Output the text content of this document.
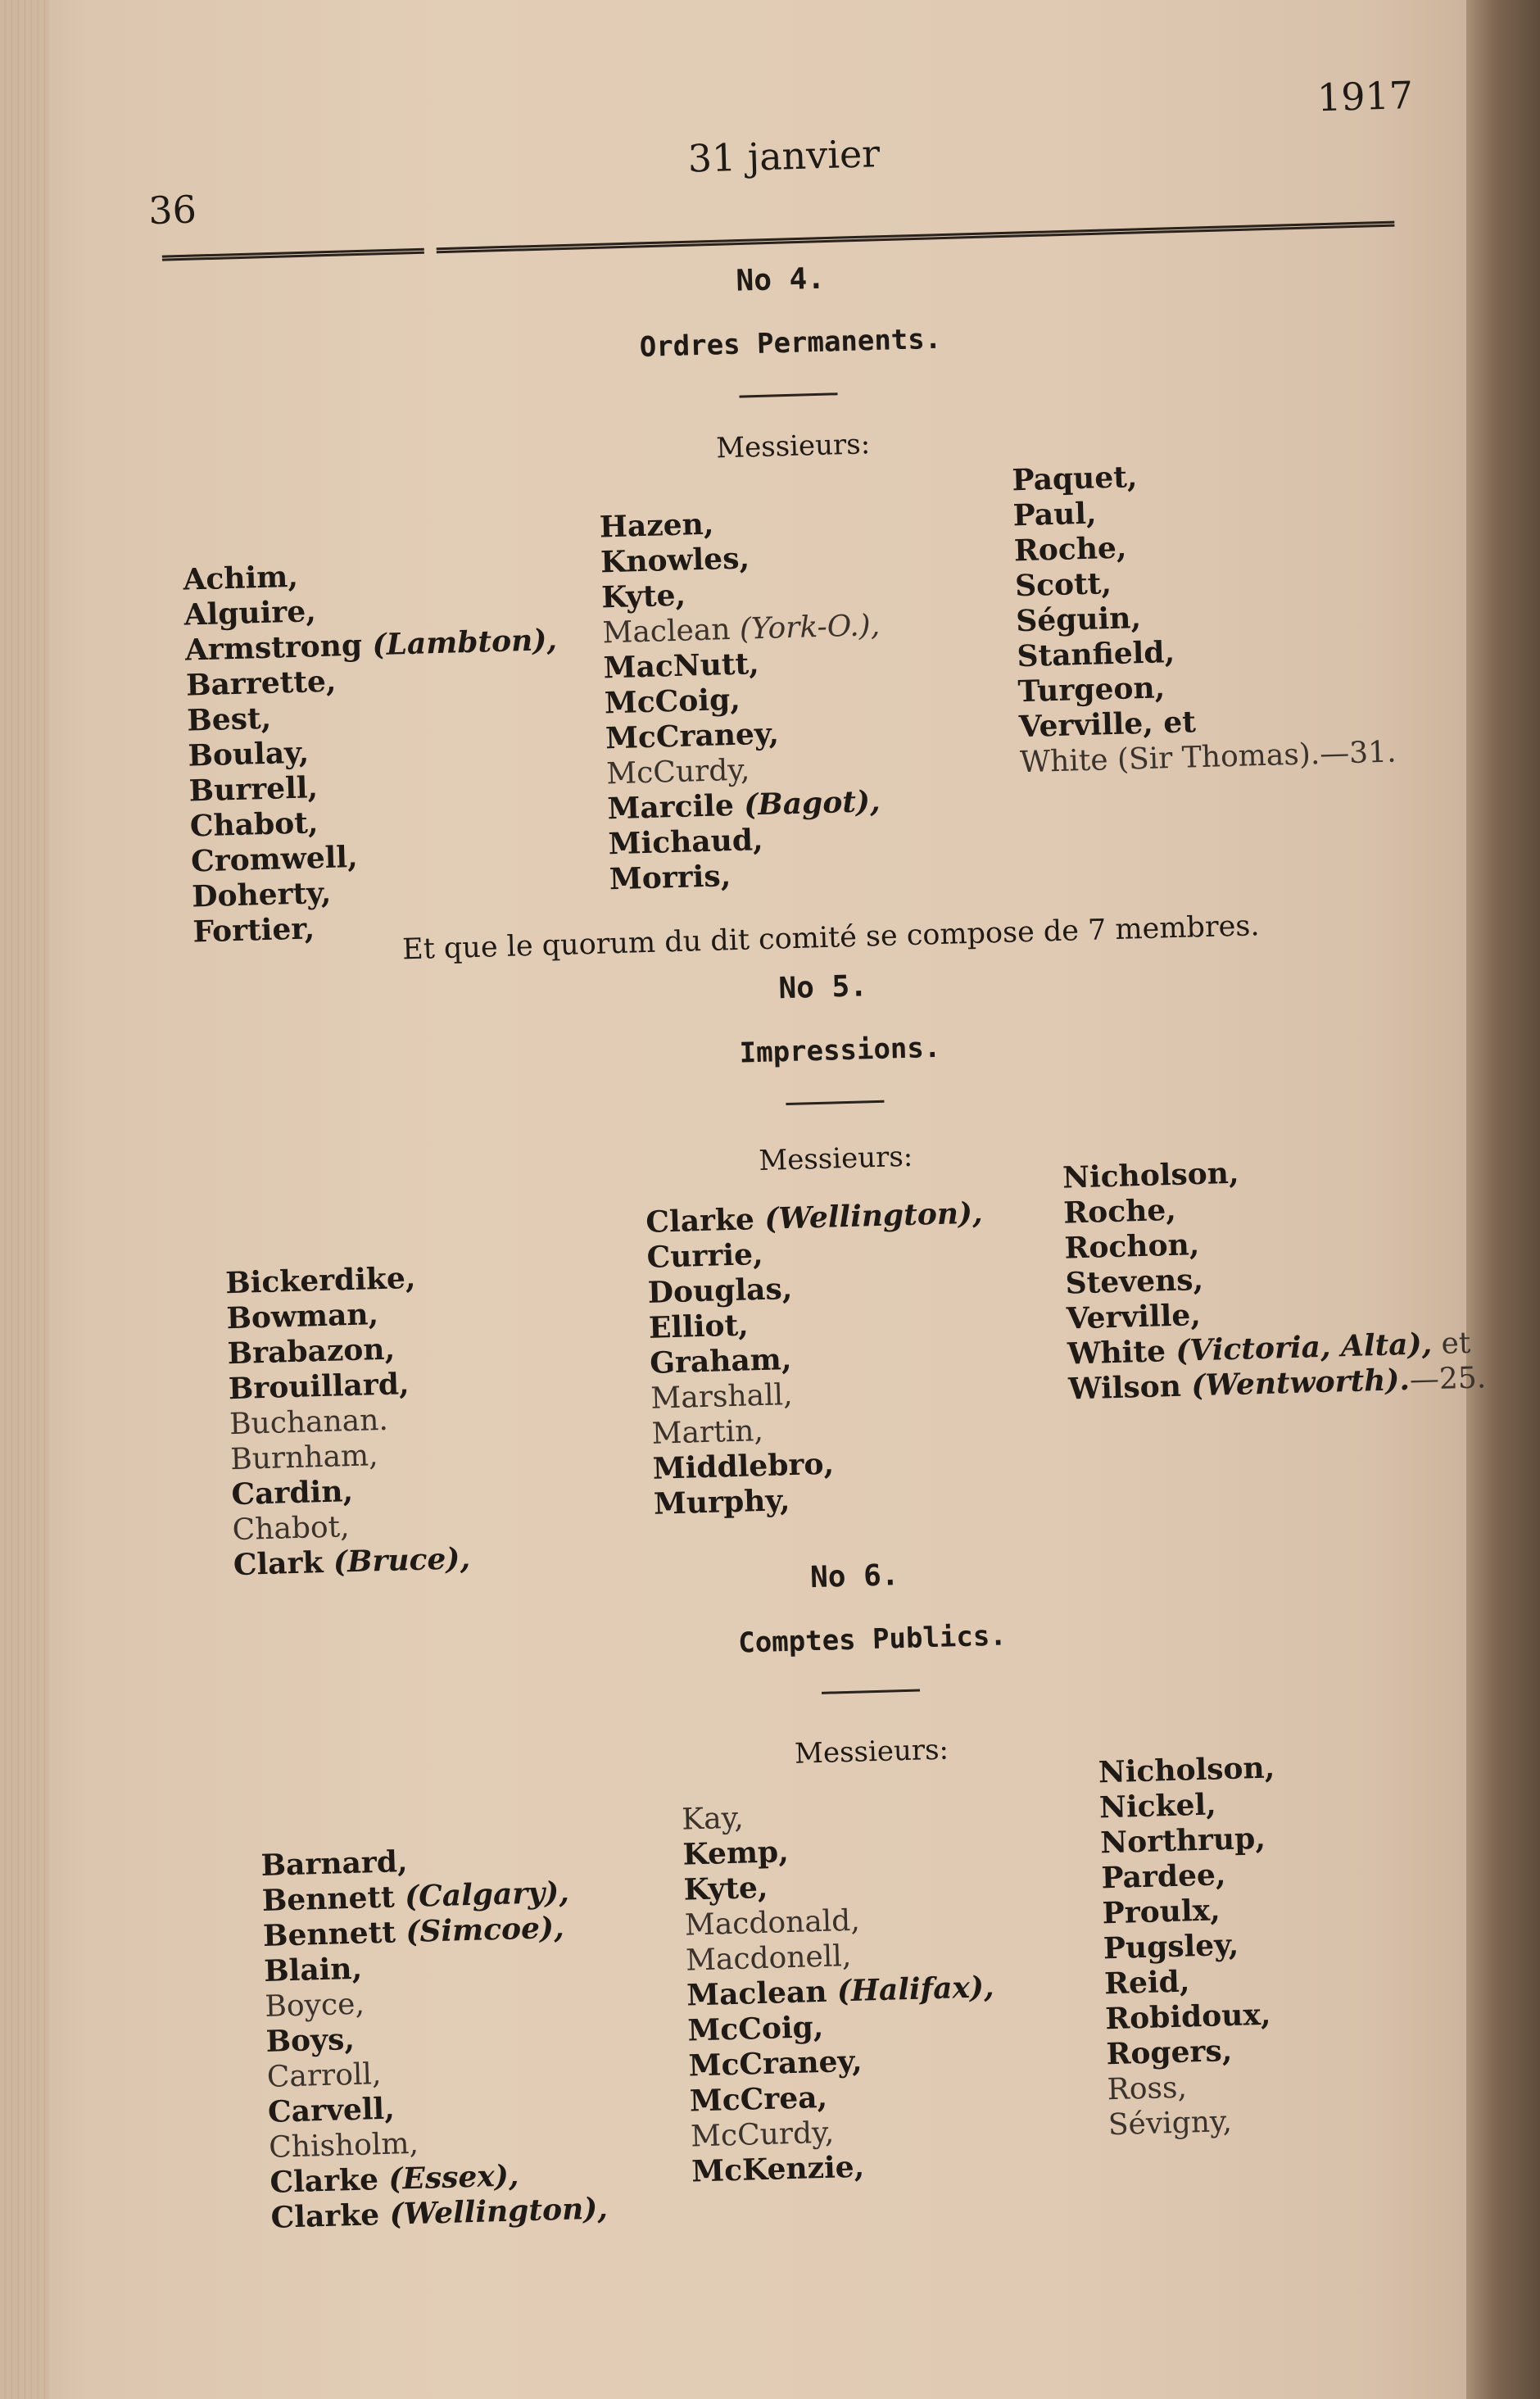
36
31 janvier
1917
No 4.
Ordres Permanents.
Messieurs:
Achim,
Alguire,
Armstrong (Lambton),
Barrette,
Best,
Boulay,
Burrell,
Chabot,
Cromwell,
Doherty,
Fortier,
Hazen,
Knowles,
Kyte,
Maclean (York-O.),
MacNutt,
McCoig,
McCraney,
McCurdy,
Marcile (Bagot),
Michaud,
Morris,
Paquet,
Paul,
Roche,
Scott,
Séguin,
Stanfield,
Turgeon,
Verville, et
White (Sir Thomas).—31.
Et que le quorum du dit comité se compose de 7 membres.
No 5.
Impressions.
Messieurs:
Bickerdike,
Bowman,
Brabazon,
Brouillard,
Buchanan.
Burnham,
Cardin,
Chabot,
Clark (Bruce),
Clarke (Wellington),
Currie,
Douglas,
Elliot,
Graham,
Marshall,
Martin,
Middlebro,
Murphy,
Nicholson,
Roche,
Rochon,
Stevens,
Verville,
White (Victoria, Alta), et
Wilson (Wentworth).—25.
No 6.
Comptes Publics.
Messieurs:
Barnard,
Bennett (Calgary),
Bennett (Simcoe),
Blain,
Boyce,
Boys,
Carroll,
Carvell,
Chisholm,
Clarke (Essex),
Clarke (Wellington),
Kay,
Kemp,
Kyte,
Macdonald,
Macdonell,
Maclean (Halifax),
McCoig,
McCraney,
McCrea,
McCurdy,
McKenzie,
Nicholson,
Nickel,
Northrup,
Pardee,
Proulx,
Pugsley,
Reid,
Robidoux,
Rogers,
Ross,
Sévigny,
